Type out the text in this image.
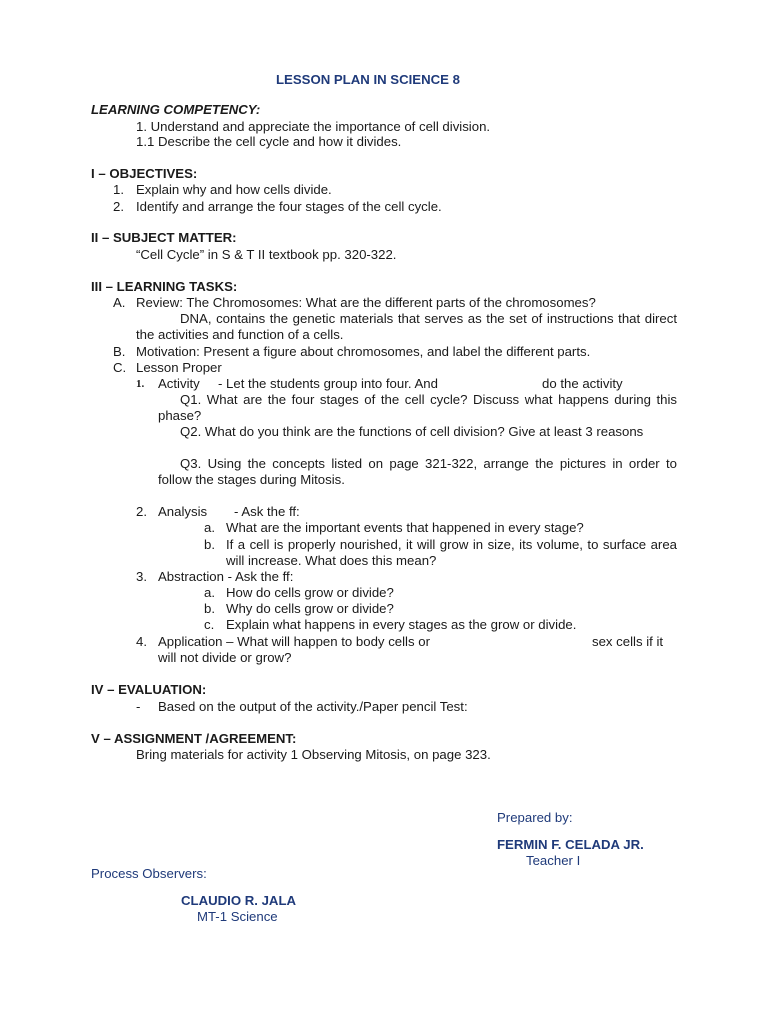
LESSON PLAN IN SCIENCE 8
LEARNING COMPETENCY:
1. Understand and appreciate the importance of cell division.
1.1 Describe the cell cycle and how it divides.
I – OBJECTIVES:
1. Explain why and how cells divide.
2. Identify and arrange the four stages of the cell cycle.
II – SUBJECT MATTER:
“Cell Cycle” in S & T II textbook pp. 320-322.
III – LEARNING TASKS:
A. Review: The Chromosomes: What are the different parts of the chromosomes?
DNA, contains the genetic materials that serves as the set of instructions that direct the activities and function of a cells.
B. Motivation: Present a figure about chromosomes, and label the different parts.
C. Lesson Proper
1. Activity - Let the students group into four. And	do the activity
Q1. What are the four stages of the cell cycle? Discuss what happens during this phase?
Q2. What do you think are the functions of cell division? Give at least 3 reasons
Q3. Using the concepts listed on page 321-322, arrange the pictures in order to follow the stages during Mitosis.
2. Analysis - Ask the ff:
a. What are the important events that happened in every stage?
b. If a cell is properly nourished, it will grow in size, its volume, to surface area will increase. What does this mean?
3. Abstraction - Ask the ff:
a. How do cells grow or divide?
b. Why do cells grow or divide?
c. Explain what happens in every stages as the grow or divide.
4. Application – What will happen to body cells or	sex cells if it
will not divide or grow?
IV – EVALUATION:
- Based on the output of the activity./Paper pencil Test:
V – ASSIGNMENT /AGREEMENT:
Bring materials for activity 1 Observing Mitosis, on page 323.
Prepared by:
FERMIN F. CELADA JR.
Teacher I
Process Observers:
CLAUDIO R. JALA
MT-1 Science
